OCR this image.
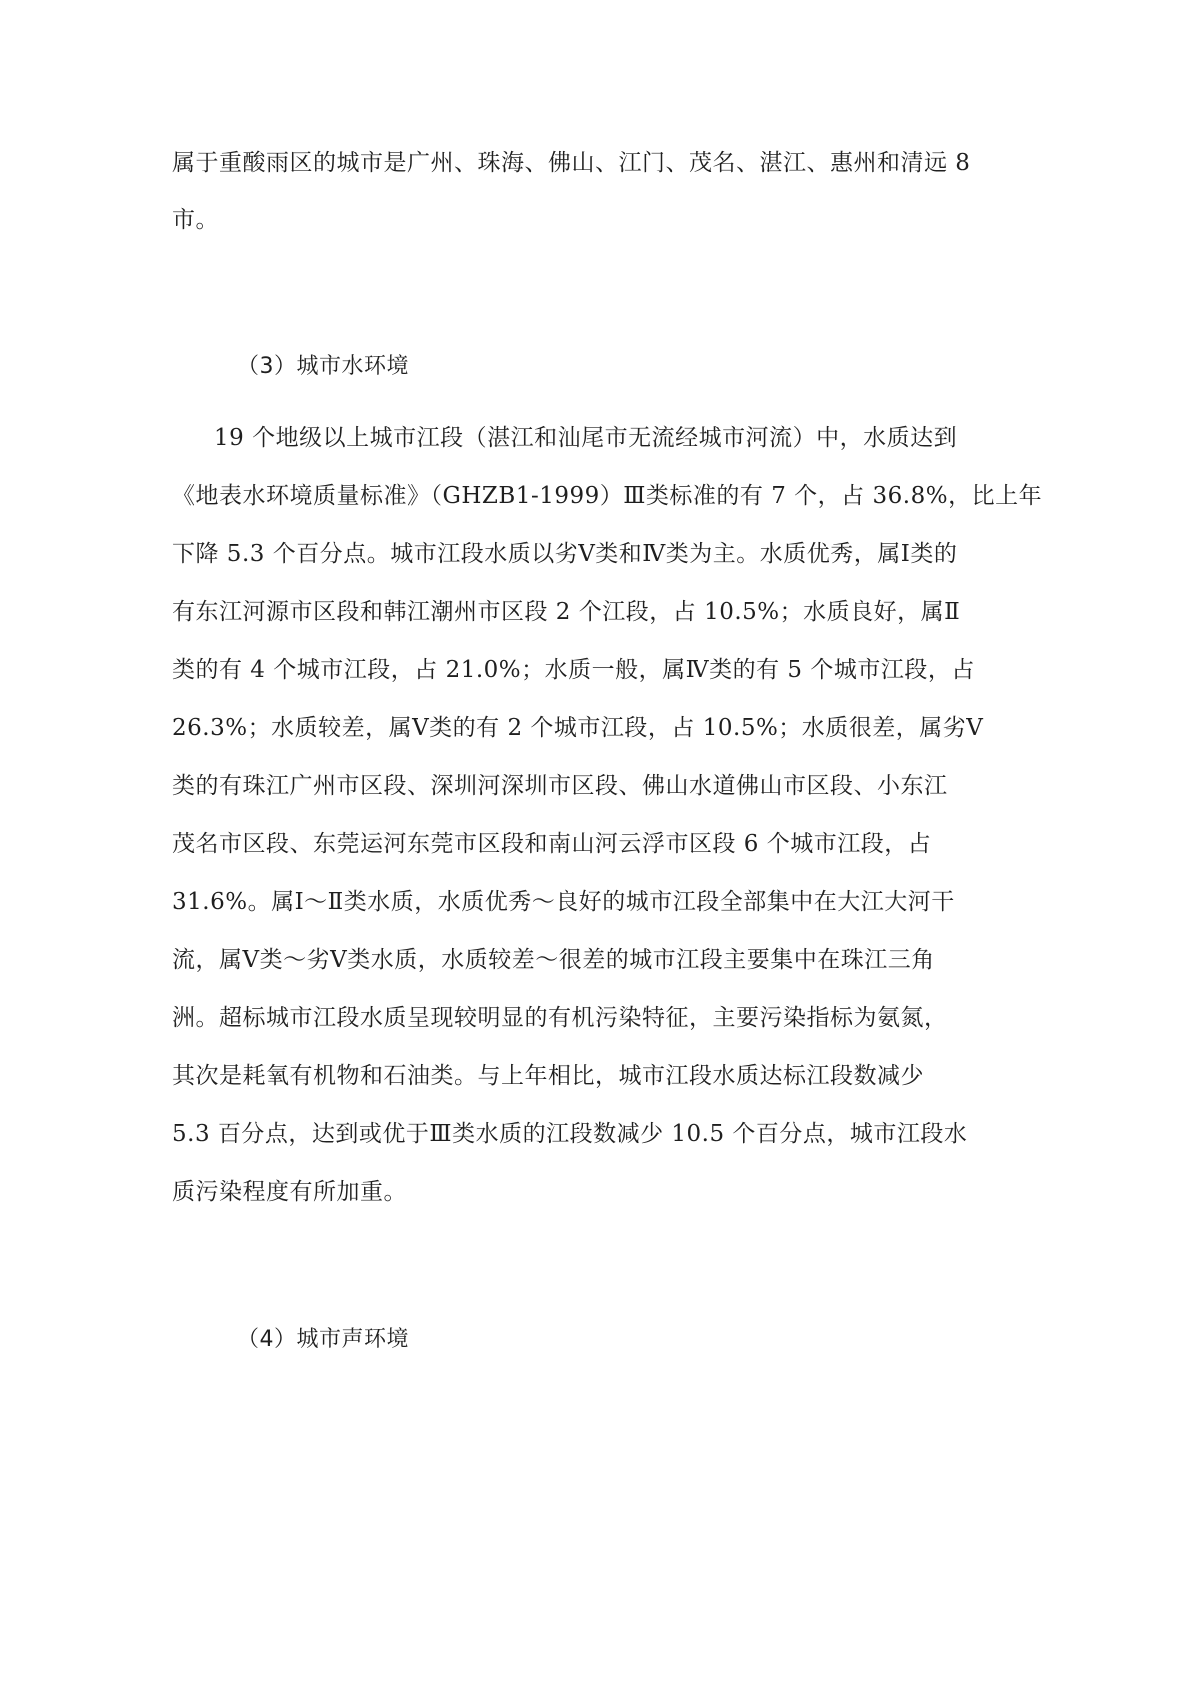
属于重酸雨区的城市是广州、珠海、佛山、江门、茂名、湛江、惠州和清远 8
市。
（3）城市水环境
19 个地级以上城市江段（湛江和汕尾市无流经城市河流）中，水质达到
《地表水环境质量标准》（GHZB1-1999）Ⅲ类标准的有 7 个，占 36.8%，比上年
下降 5.3 个百分点。城市江段水质以劣Ⅴ类和Ⅳ类为主。水质优秀，属Ⅰ类的
有东江河源市区段和韩江潮州市区段 2 个江段，占 10.5%；水质良好，属Ⅱ
类的有 4 个城市江段，占 21.0%；水质一般，属Ⅳ类的有 5 个城市江段，占
26.3%；水质较差，属Ⅴ类的有 2 个城市江段，占 10.5%；水质很差，属劣Ⅴ
类的有珠江广州市区段、深圳河深圳市区段、佛山水道佛山市区段、小东江
茂名市区段、东莞运河东莞市区段和南山河云浮市区段 6 个城市江段，占
31.6%。属Ⅰ～Ⅱ类水质，水质优秀～良好的城市江段全部集中在大江大河干
流，属Ⅴ类～劣Ⅴ类水质，水质较差～很差的城市江段主要集中在珠江三角
洲。超标城市江段水质呈现较明显的有机污染特征，主要污染指标为氨氮，
其次是耗氧有机物和石油类。与上年相比，城市江段水质达标江段数减少
5.3 百分点，达到或优于Ⅲ类水质的江段数减少 10.5 个百分点，城市江段水
质污染程度有所加重。
（4）城市声环境
